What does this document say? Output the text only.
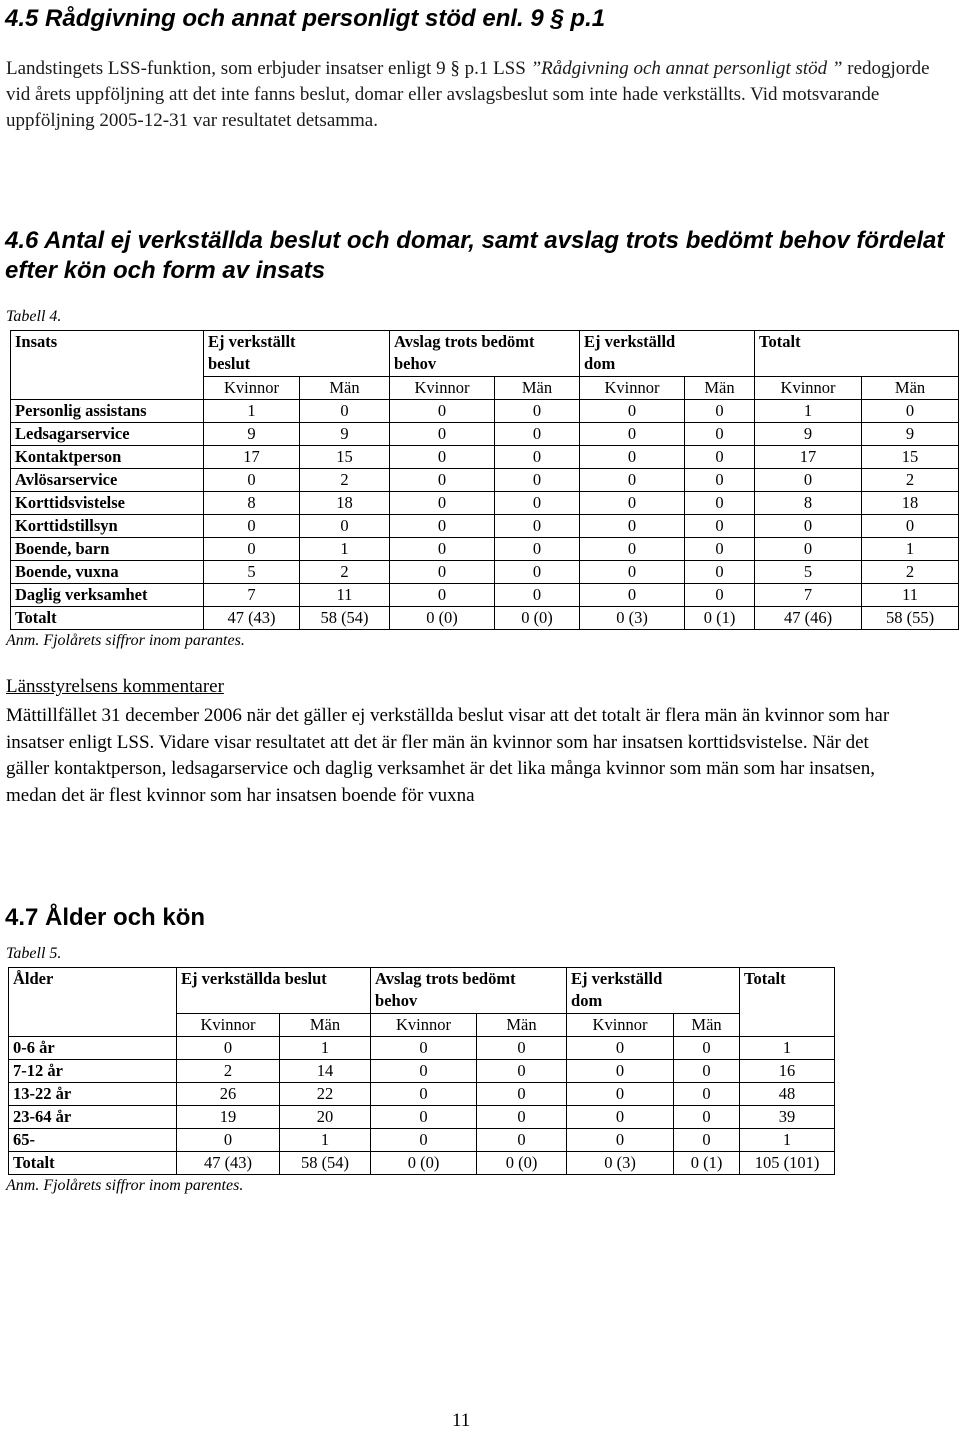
4.5 Rådgivning och annat personligt stöd enl. 9 § p.1

Landstingets LSS-funktion, som erbjuder insatser enligt 9 § p.1 LSS ”Rådgivning och annat personligt stöd ” redogjorde vid årets uppföljning att det inte fanns beslut, domar eller avslagsbeslut som inte hade verkställts. Vid motsvarande uppföljning 2005-12-31 var resultatet detsamma.

4.6 Antal ej verkställda beslut och domar, samt avslag trots bedömt behov fördelat efter kön och form av insats

Tabell 4.

Insats	Ej verkställt beslut		Avslag trots bedömt behov		Ej verkställd dom		Totalt	
	Kvinnor	Män	Kvinnor	Män	Kvinnor	Män	Kvinnor	Män
Personlig assistans	1	0	0	0	0	0	1	0
Ledsagarservice	9	9	0	0	0	0	9	9
Kontaktperson	17	15	0	0	0	0	17	15
Avlösarservice	0	2	0	0	0	0	0	2
Korttidsvistelse	8	18	0	0	0	0	8	18
Korttidstillsyn	0	0	0	0	0	0	0	0
Boende, barn	0	1	0	0	0	0	0	1
Boende, vuxna	5	2	0	0	0	0	5	2
Daglig verksamhet	7	11	0	0	0	0	7	11
Totalt	47 (43)	58 (54)	0 (0)	0 (0)	0 (3)	0 (1)	47 (46)	58 (55)

Anm. Fjolårets siffror inom parantes.

Länsstyrelsens kommentarer

Mättillfället 31 december 2006 när det gäller ej verkställda beslut visar att det totalt är flera män än kvinnor som har insatser enligt LSS. Vidare visar resultatet att det är fler män än kvinnor som har insatsen korttidsvistelse. När det gäller kontaktperson, ledsagarservice och daglig verksamhet är det lika många kvinnor som män som har insatsen, medan det är flest kvinnor som har insatsen boende för vuxna

4.7 Ålder och kön

Tabell 5.

Ålder	Ej verkställda beslut		Avslag trots bedömt behov		Ej verkställd dom		Totalt
	Kvinnor	Män	Kvinnor	Män	Kvinnor	Män	
0-6 år	0	1	0	0	0	0	1
7-12 år	2	14	0	0	0	0	16
13-22 år	26	22	0	0	0	0	48
23-64 år	19	20	0	0	0	0	39
65-	0	1	0	0	0	0	1
Totalt	47 (43)	58 (54)	0 (0)	0 (0)	0 (3)	0 (1)	105 (101)

Anm. Fjolårets siffror inom parentes.

11
